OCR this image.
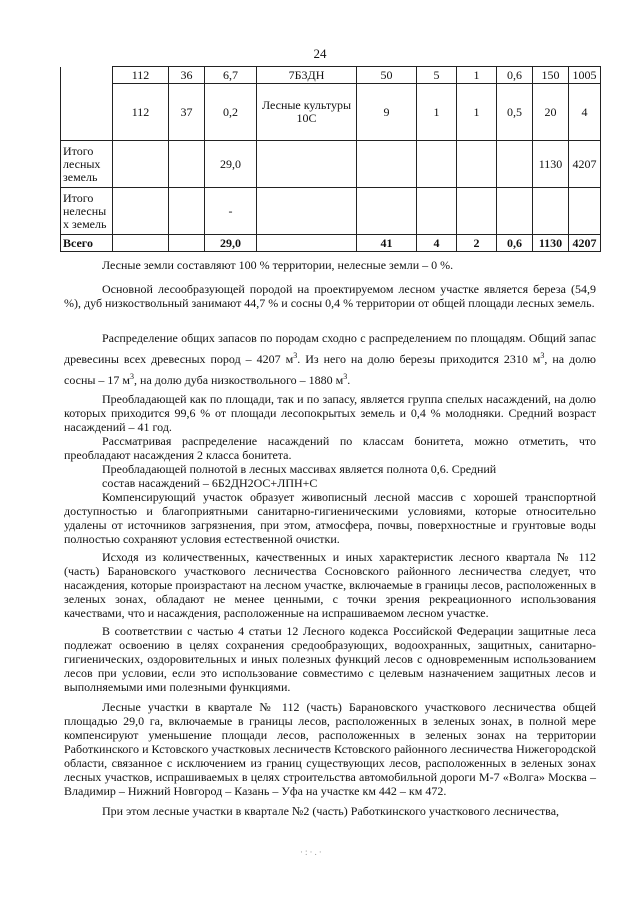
24
	112	36	6,7	7Б3ДН	50	5	1	0,6	150	1005
	112	37	0,2	Лесные культуры 10С	9	1	1	0,5	20	4
Итого лесных земель			29,0						1130	4207
Итого нелесны х земель			-							
Всего			29,0		41	4	2	0,6	1130	4207

Лесные земли составляют 100 % территории, нелесные земли – 0 %.

Основной лесообразующей породой на проектируемом лесном участке является береза (54,9 %), дуб низкоствольный занимают 44,7 % и сосны 0,4 % территории от общей площади лесных земель.

Распределение общих запасов по породам сходно с распределением по площадям. Общий запас древесины всех древесных пород – 4207 $м^3$. Из него на долю березы приходится 2310 $м^3$, на долю сосны – 17 $м^3$, на долю дуба низкоствольного – 1880 $м^3$.

Преобладающей как по площади, так и по запасу, является группа спелых насаждений, на долю которых приходится 99,6 % от площади лесопокрытых земель и 0,4 % молодняки. Средний возраст насаждений – 41 год.

Рассматривая распределение насаждений по классам бонитета, можно отметить, что преобладают насаждения 2 класса бонитета.

Преобладающей полнотой в лесных массивах является полнота 0,6. Средний

состав насаждений – 6Б2ДН2ОС+ЛПН+С

Компенсирующий участок образует живописный лесной массив с хорошей транспортной доступностью и благоприятными санитарно-гигиеническими условиями, которые относительно удалены от источников загрязнения, при этом, атмосфера, почвы, поверхностные и грунтовые воды полностью сохраняют условия естественной очистки.

Исходя из количественных, качественных и иных характеристик лесного квартала № 112 (часть) Барановского участкового лесничества Сосновского районного лесничества следует, что насаждения, которые произрастают на лесном участке, включаемые в границы лесов, расположенных в зеленых зонах, обладают не менее ценными, с точки зрения рекреационного использования качествами, что и насаждения, расположенные на испрашиваемом лесном участке.

В соответствии с частью 4 статьи 12 Лесного кодекса Российской Федерации защитные леса подлежат освоению в целях сохранения средообразующих, водоохранных, защитных, санитарно-гигиенических, оздоровительных и иных полезных функций лесов с одновременным использованием лесов при условии, если это использование совместимо с целевым назначением защитных лесов и выполняемыми ими полезными функциями.

Лесные участки в квартале № 112 (часть) Барановского участкового лесничества общей площадью 29,0 га, включаемые в границы лесов, расположенных в зеленых зонах, в полной мере компенсируют уменьшение площади лесов, расположенных в зеленых зонах на территории Работкинского и Кстовского участковых лесничеств Кстовского районного лесничества Нижегородской области, связанное с исключением из границ существующих лесов, расположенных в зеленых зонах лесных участков, испрашиваемых в целях строительства автомобильной дороги М-7 «Волга» Москва – Владимир – Нижний Новгород – Казань – Уфа на участке км 442 – км 472.

При этом лесные участки в квартале №2 (часть) Работкинского участкового лесничества,

·:·.·
